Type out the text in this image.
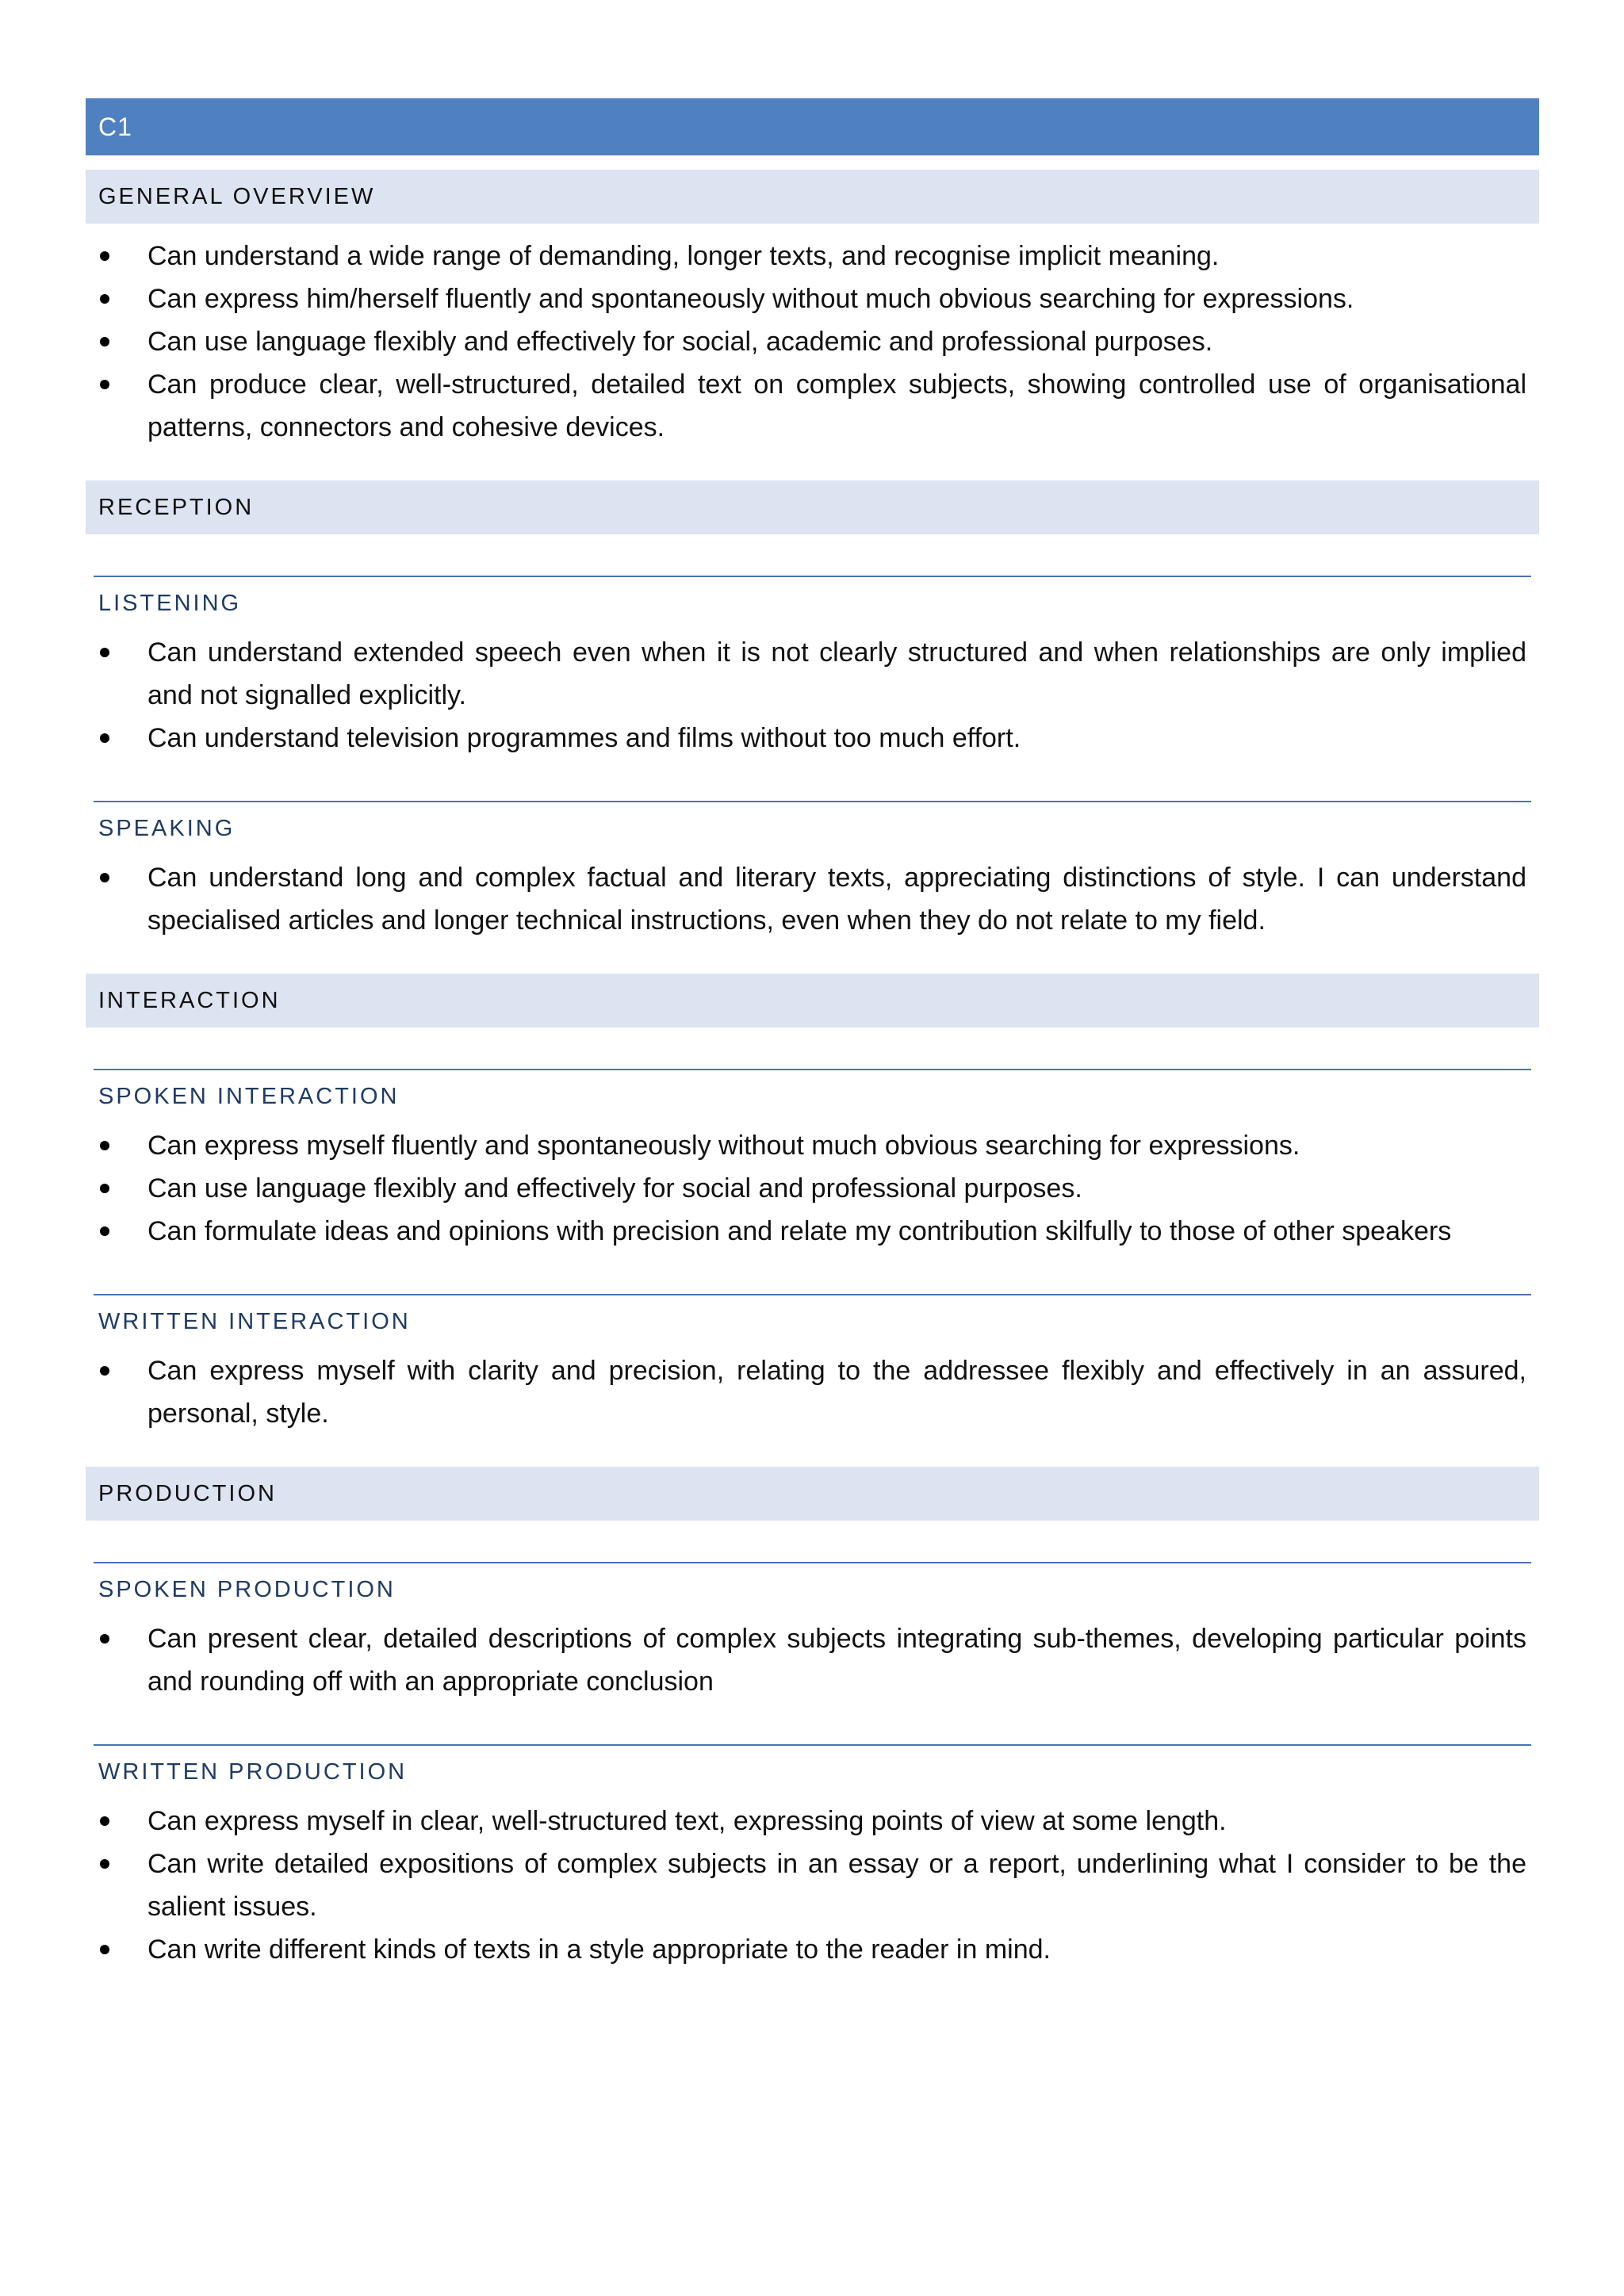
C1
GENERAL OVERVIEW
Can understand a wide range of demanding, longer texts, and recognise implicit meaning.
Can express him/herself fluently and spontaneously without much obvious searching for expressions.
Can use language flexibly and effectively for social, academic and professional purposes.
Can produce clear, well-structured, detailed text on complex subjects, showing controlled use of organisational patterns, connectors and cohesive devices.
RECEPTION
LISTENING
Can understand extended speech even when it is not clearly structured and when relationships are only implied and not signalled explicitly.
Can understand television programmes and films without too much effort.
SPEAKING
Can understand long and complex factual and literary texts, appreciating distinctions of style. I can understand specialised articles and longer technical instructions, even when they do not relate to my field.
INTERACTION
SPOKEN INTERACTION
Can express myself fluently and spontaneously without much obvious searching for expressions.
Can use language flexibly and effectively for social and professional purposes.
Can formulate ideas and opinions with precision and relate my contribution skilfully to those of other speakers
WRITTEN INTERACTION
Can express myself with clarity and precision, relating to the addressee flexibly and effectively in an assured, personal, style.
PRODUCTION
SPOKEN PRODUCTION
Can present clear, detailed descriptions of complex subjects integrating sub-themes, developing particular points and rounding off with an appropriate conclusion
WRITTEN PRODUCTION
Can express myself in clear, well-structured text, expressing points of view at some length.
Can write detailed expositions of complex subjects in an essay or a report, underlining what I consider to be the salient issues.
Can write different kinds of texts in a style appropriate to the reader in mind.
